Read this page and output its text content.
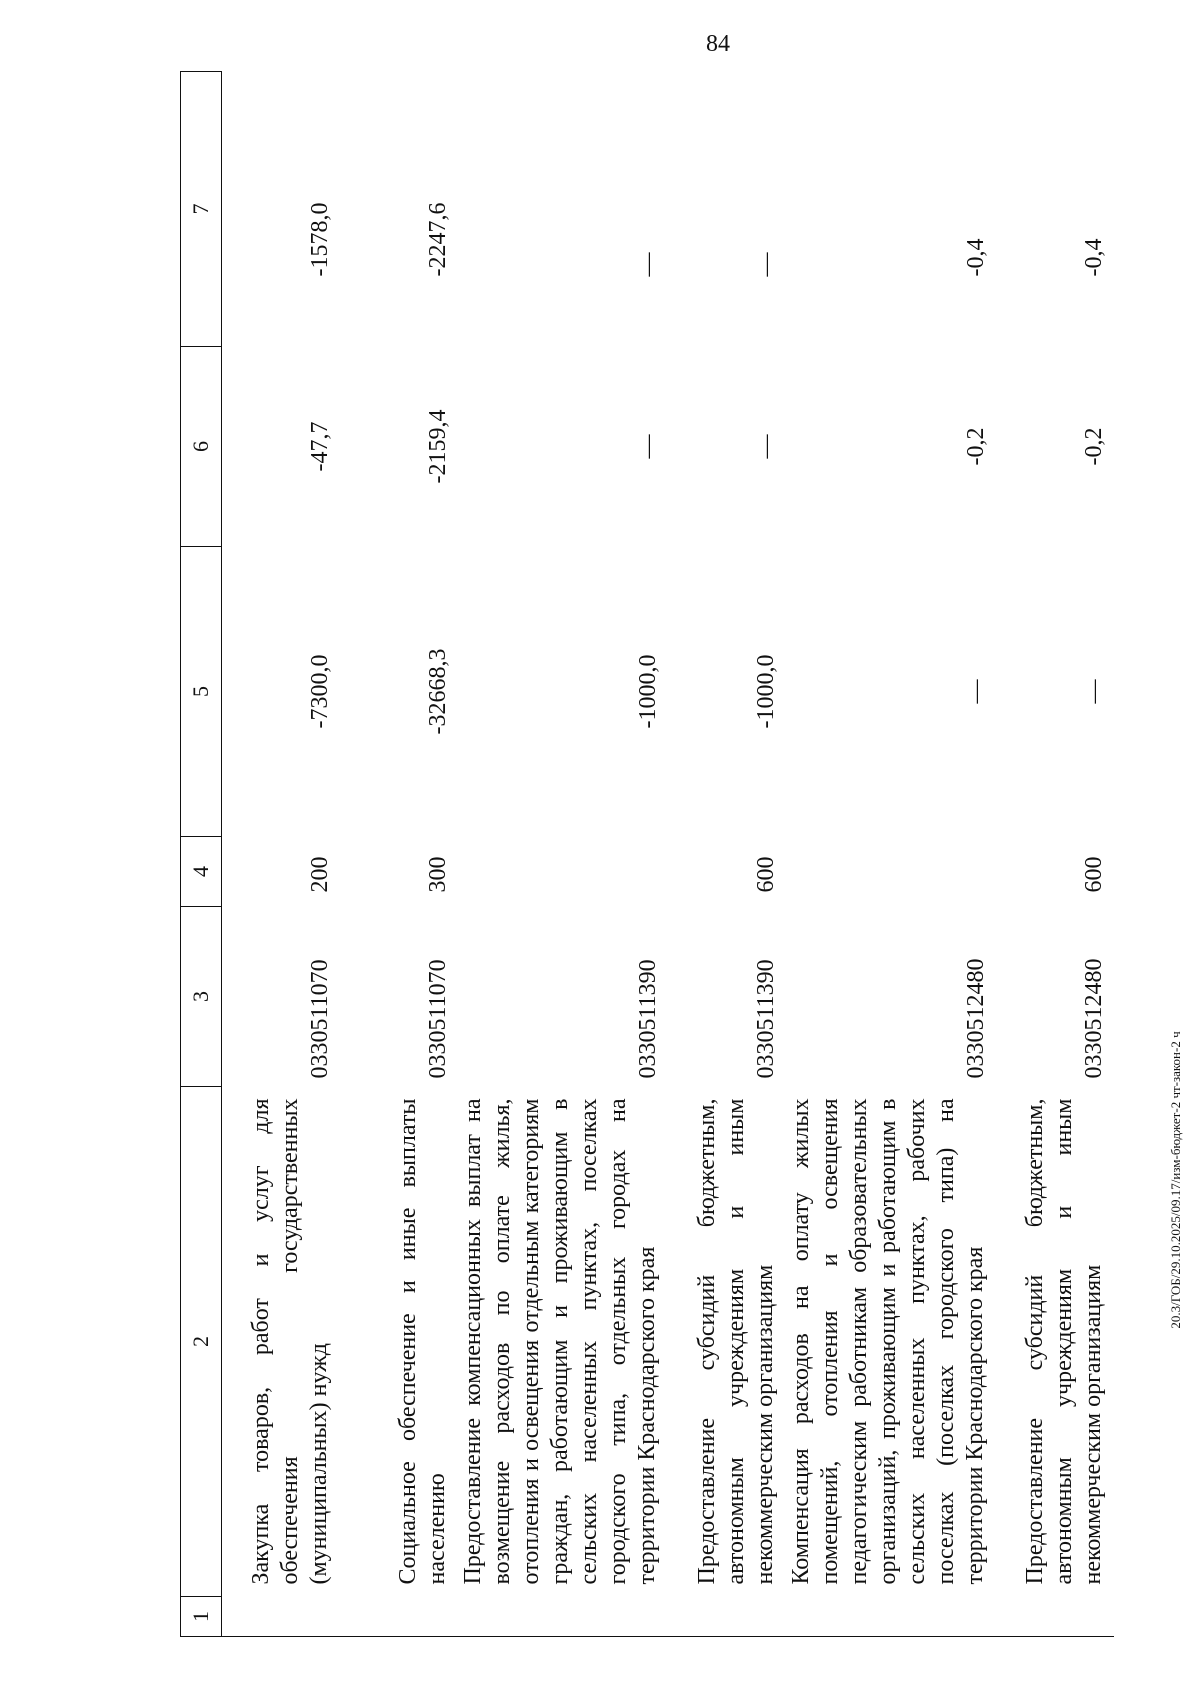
84
20.3/ГОБ/29.10.2025/09.17/изм-бюджет-2 чт-закон-2 ч
1	2	3	4	5	6	7
	Закупка товаров, работ и услуг для обеспечения государственных (муниципальных) нужд	0330511070	200	-7300,0	-47,7	-1578,0
	Социальное обеспечение и иные выплаты населению	0330511070	300	-32668,3	-2159,4	-2247,6
	Предоставление компенсационных выплат на возмещение расходов по оплате жилья, отопления и освещения отдельным категориям граждан, работающим и проживающим в сельских населенных пунктах, поселках городского типа, отдельных городах на территории Краснодарского края	0330511390		-1000,0	—	—
	Предоставление субсидий бюджетным, автономным учреждениям и иным некоммерческим организациям	0330511390	600	-1000,0	—	—
	Компенсация расходов на оплату жилых помещений, отопления и освещения педагогическим работникам образовательных организаций, проживающим и работающим в сельских населенных пунктах, рабочих поселках (поселках городского типа) на территории Краснодарского края	0330512480		—	-0,2	-0,4
	Предоставление субсидий бюджетным, автономным учреждениям и иным некоммерческим организациям	0330512480	600	—	-0,2	-0,4
